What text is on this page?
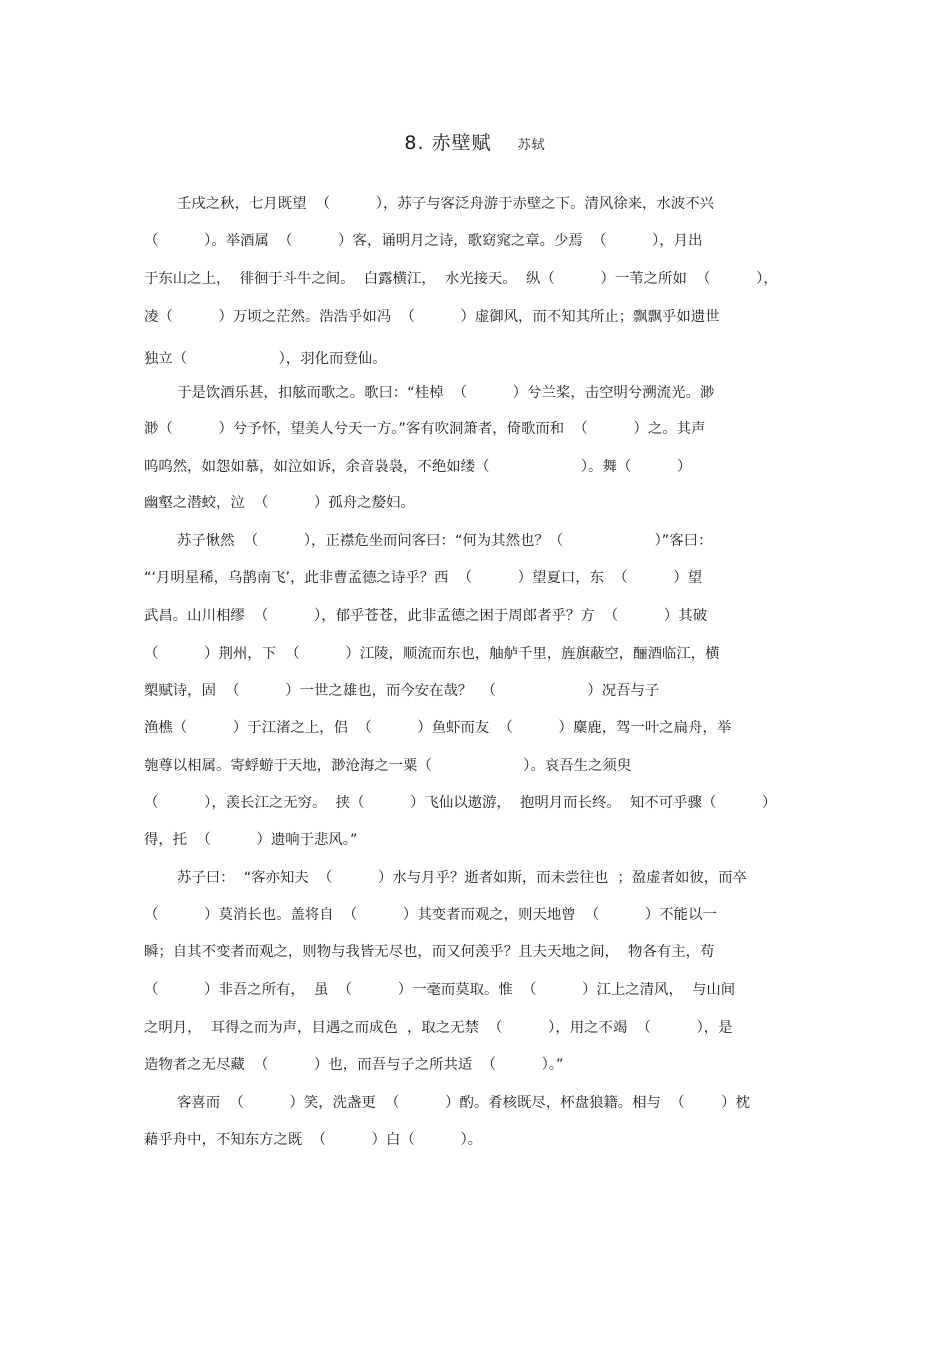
8. 赤壁赋 苏轼
壬戌之秋，七月既望  （          ），苏子与客泛舟游于赤壁之下。清风徐来，水波不兴
（          ）。举酒属  （          ）客，诵明月之诗，歌窈窕之章。少焉  （          ），月出
于东山之上，  徘徊于斗牛之间。  白露横江，  水光接天。  纵（          ）一苇之所如  （          ），
凌（          ）万顷之茫然。浩浩乎如冯  （          ）虚御风，而不知其所止；飘飘乎如遗世
独立（                    ），羽化而登仙。
于是饮酒乐甚，扣舷而歌之。歌曰：“桂棹  （          ）兮兰桨，击空明兮溯流光。渺
渺（          ）兮予怀，望美人兮天一方。”客有吹洞箫者，倚歌而和  （          ）之。其声
呜呜然，如怨如慕，如泣如诉，余音袅袅，不绝如缕（                    ）。舞（          ）
幽壑之潜蛟，泣  （          ）孤舟之嫠妇。
苏子愀然  （          ），正襟危坐而问客曰：“何为其然也？（                    ）”客曰：
“‘月明星稀，乌鹊南飞’，此非曹孟德之诗乎？西  （          ）望夏口，东  （          ）望
武昌。山川相缪  （          ），郁乎苍苍，此非孟德之困于周郎者乎？方  （          ）其破
（          ）荆州，下  （          ）江陵，顺流而东也，舳舻千里，旌旗蔽空，酾酒临江，横
槊赋诗，固  （          ）一世之雄也，而今安在哉？  （                    ）况吾与子
渔樵（          ）于江渚之上，侣  （          ）鱼虾而友  （          ）麋鹿，驾一叶之扁舟，举
匏尊以相属。寄蜉蝣于天地，渺沧海之一粟（                    ）。哀吾生之须臾
（          ），羡长江之无穷。  挟（          ）飞仙以遨游，  抱明月而长终。  知不可乎骤（          ）
得，托  （          ）遗响于悲风。”
苏子曰：  “客亦知夫  （          ）水与月乎？逝者如斯，而未尝往也  ；盈虚者如彼，而卒
（          ）莫消长也。盖将自  （          ）其变者而观之，则天地曾  （          ）不能以一
瞬；自其不变者而观之，则物与我皆无尽也，而又何羡乎？且夫天地之间，  物各有主，苟
（          ）非吾之所有，  虽  （          ）一毫而莫取。惟  （          ）江上之清风，  与山间
之明月，  耳得之而为声，目遇之而成色  ，取之无禁  （          ），用之不竭  （          ），是
造物者之无尽藏  （          ）也，而吾与子之所共适  （          ）。”
客喜而  （          ）笑，洗盏更  （          ）酌。肴核既尽，杯盘狼籍。相与  （        ）枕
藉乎舟中，不知东方之既  （          ）白（          ）。
